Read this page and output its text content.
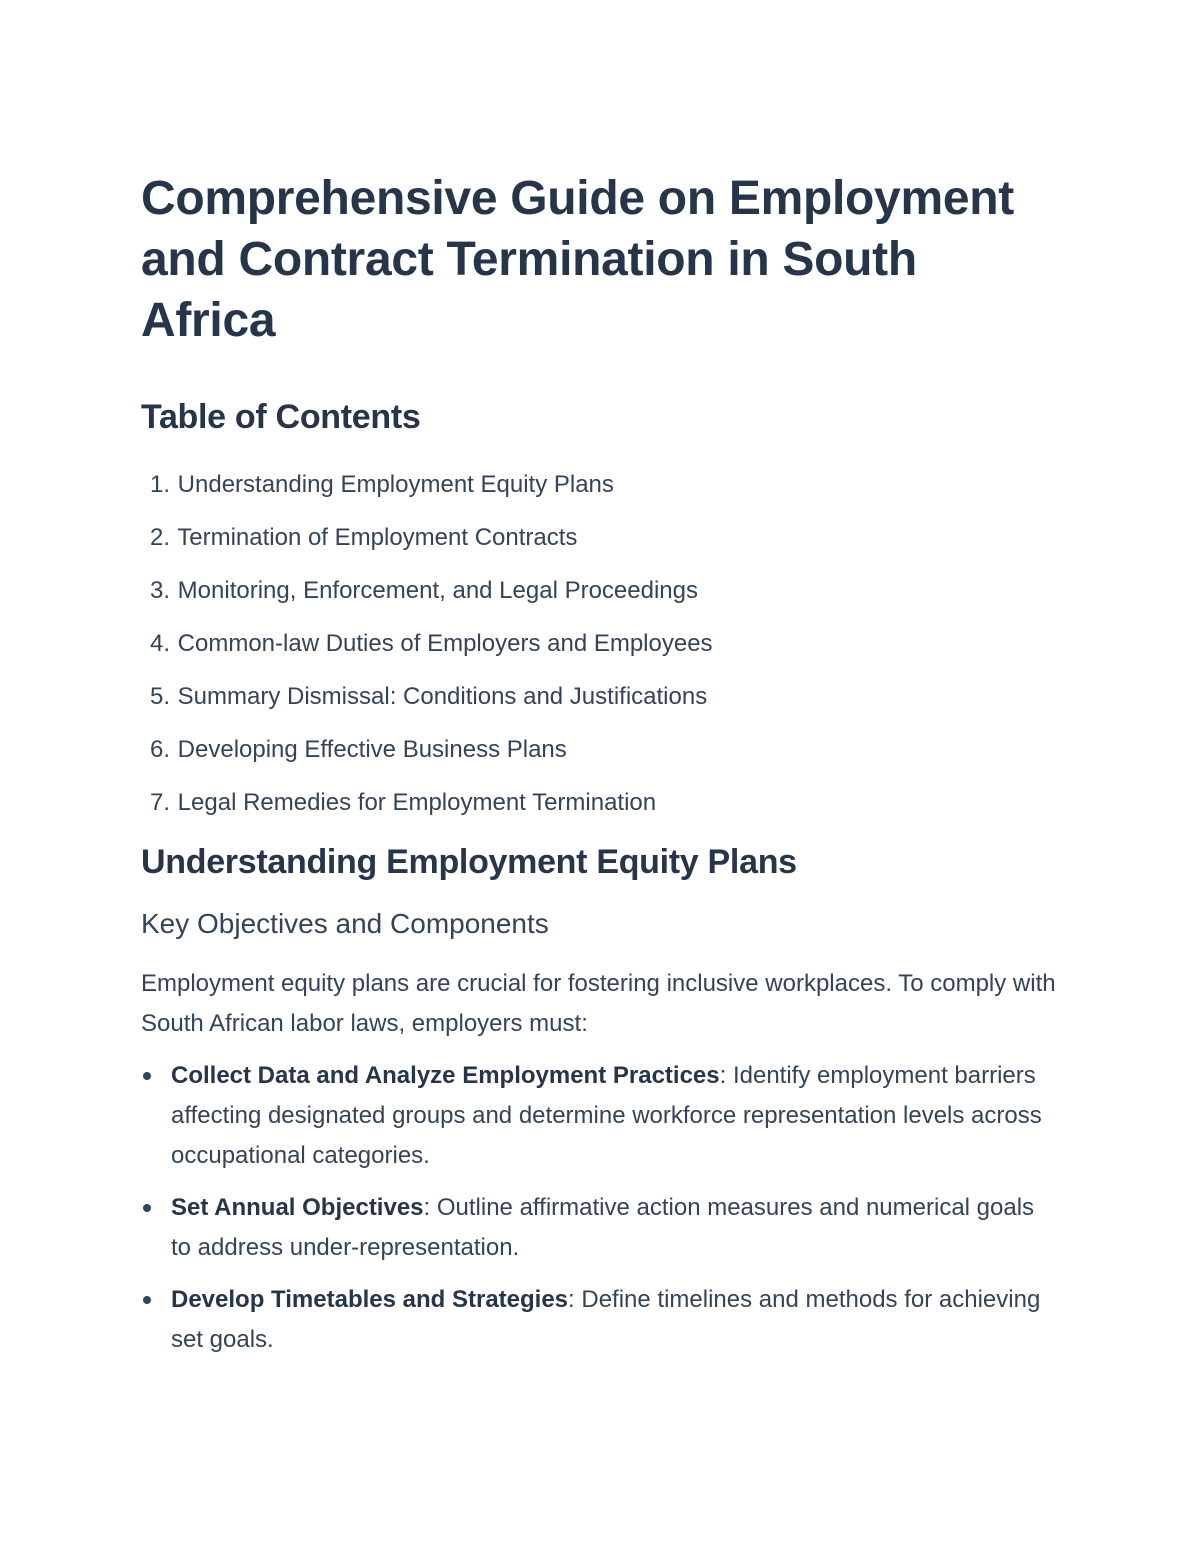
Comprehensive Guide on Employment and Contract Termination in South Africa
Table of Contents
1. Understanding Employment Equity Plans
2. Termination of Employment Contracts
3. Monitoring, Enforcement, and Legal Proceedings
4. Common-law Duties of Employers and Employees
5. Summary Dismissal: Conditions and Justifications
6. Developing Effective Business Plans
7. Legal Remedies for Employment Termination
Understanding Employment Equity Plans
Key Objectives and Components

Employment equity plans are crucial for fostering inclusive workplaces. To comply with South African labor laws, employers must:

Collect Data and Analyze Employment Practices: Identify employment barriers affecting designated groups and determine workforce representation levels across occupational categories.
Set Annual Objectives: Outline affirmative action measures and numerical goals to address under-representation.
Develop Timetables and Strategies: Define timelines and methods for achieving set goals.
